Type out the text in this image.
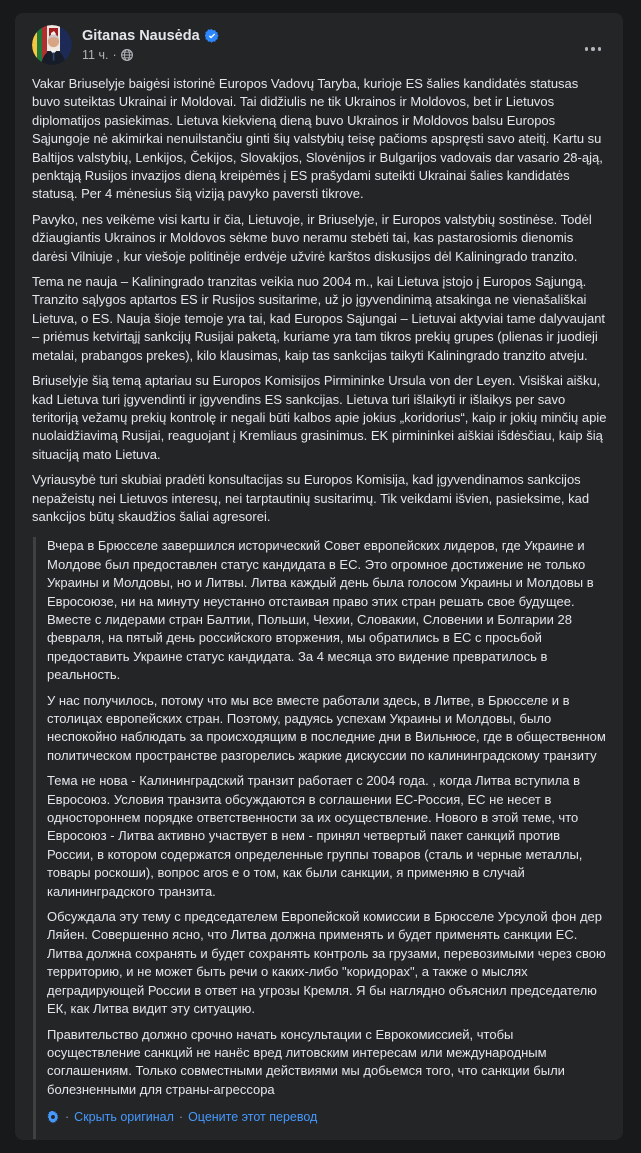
Gitanas Nausėda
11 ч. ·

Vakar Briuselyje baigėsi istorinė Europos Vadovų Taryba, kurioje ES šalies kandidatės statusas buvo suteiktas Ukrainai ir Moldovai. Tai didžiulis ne tik Ukrainos ir Moldovos, bet ir Lietuvos diplomatijos pasiekimas. Lietuva kiekvieną dieną buvo Ukrainos ir Moldovos balsu Europos Sąjungoje nė akimirkai nenuilstančiu ginti šių valstybių teisę pačioms apspręsti savo ateitį. Kartu su Baltijos valstybių, Lenkijos, Čekijos, Slovakijos, Slovėnijos ir Bulgarijos vadovais dar vasario 28-ąją, penktąją Rusijos invazijos dieną kreipėmės į ES prašydami suteikti Ukrainai šalies kandidatės statusą. Per 4 mėnesius šią viziją pavyko paversti tikrove.

Pavyko, nes veikėme visi kartu ir čia, Lietuvoje, ir Briuselyje, ir Europos valstybių sostinėse. Todėl džiaugiantis Ukrainos ir Moldovos sėkme buvo neramu stebėti tai, kas pastarosiomis dienomis darėsi Vilniuje , kur viešoje politinėje erdvėje užvirė karštos diskusijos dėl Kaliningrado tranzito.

Tema ne nauja – Kaliningrado tranzitas veikia nuo 2004 m., kai Lietuva įstojo į Europos Sąjungą. Tranzito sąlygos aptartos ES ir Rusijos susitarime, už jo įgyvendinimą atsakinga ne vienašališkai Lietuva, o ES. Nauja šioje temoje yra tai, kad Europos Sąjungai – Lietuvai aktyviai tame dalyvaujant – priėmus ketvirtąjį sankcijų Rusijai paketą, kuriame yra tam tikros prekių grupes (plienas ir juodieji metalai, prabangos prekes), kilo klausimas, kaip tas sankcijas taikyti Kaliningrado tranzito atveju.

Briuselyje šią temą aptariau su Europos Komisijos Pirmininke Ursula von der Leyen. Visiškai aišku, kad Lietuva turi įgyvendinti ir įgyvendins ES sankcijas. Lietuva turi išlaikyti ir išlaikys per savo teritoriją vežamų prekių kontrolę ir negali būti kalbos apie jokius „koridorius“, kaip ir jokių minčių apie nuolaidžiavimą Rusijai, reaguojant į Kremliaus grasinimus. EK pirmininkei aiškiai išdėsčiau, kaip šią situaciją mato Lietuva.

Vyriausybė turi skubiai pradėti konsultacijas su Europos Komisija, kad įgyvendinamos sankcijos nepažeistų nei Lietuvos interesų, nei tarptautinių susitarimų. Tik veikdami išvien, pasieksime, kad sankcijos būtų skaudžios šaliai agresorei.

Вчера в Брюсселе завершился исторический Совет европейских лидеров, где Украине и Молдове был предоставлен статус кандидата в ЕС. Это огромное достижение не только Украины и Молдовы, но и Литвы. Литва каждый день была голосом Украины и Молдовы в Евросоюзе, ни на минуту неустанно отстаивая право этих стран решать свое будущее. Вместе с лидерами стран Балтии, Польши, Чехии, Словакии, Словении и Болгарии 28 февраля, на пятый день российского вторжения, мы обратились в ЕС с просьбой предоставить Украине статус кандидата. За 4 месяца это видение превратилось в реальность.

У нас получилось, потому что мы все вместе работали здесь, в Литве, в Брюсселе и в столицах европейских стран. Поэтому, радуясь успехам Украины и Молдовы, было неспокойно наблюдать за происходящим в последние дни в Вильнюсе, где в общественном политическом пространстве разгорелись жаркие дискуссии по калининградскому транзиту

Тема не нова - Калининградский транзит работает с 2004 года. , когда Литва вступила в Евросоюз. Условия транзита обсуждаются в соглашении ЕС-Россия, ЕС не несет в одностороннем порядке ответственности за их осуществление. Нового в этой теме, что Евросоюз - Литва активно участвует в нем - принял четвертый пакет санкций против России, в котором содержатся определенные группы товаров (сталь и черные металлы, товары роскоши), вопрос aros е о том, как были санкции, я применяю в случай калининградского транзита.

Обсуждала эту тему с председателем Европейской комиссии в Брюсселе Урсулой фон дер Ляйен. Совершенно ясно, что Литва должна применять и будет применять санкции ЕС. Литва должна сохранять и будет сохранять контроль за грузами, перевозимыми через свою территорию, и не может быть речи о каких-либо "коридорах", а также о мыслях деградирующей России в ответ на угрозы Кремля. Я бы наглядно объяснил председателю ЕК, как Литва видит эту ситуацию.

Правительство должно срочно начать консультации с Еврокомиссией, чтобы осуществление санкций не нанёс вред литовским интересам или международным соглашениям. Только совместными действиями мы добьемся того, что санкции были болезненными для страны-агрессора

· Скрыть оригинал · Оцените этот перевод
